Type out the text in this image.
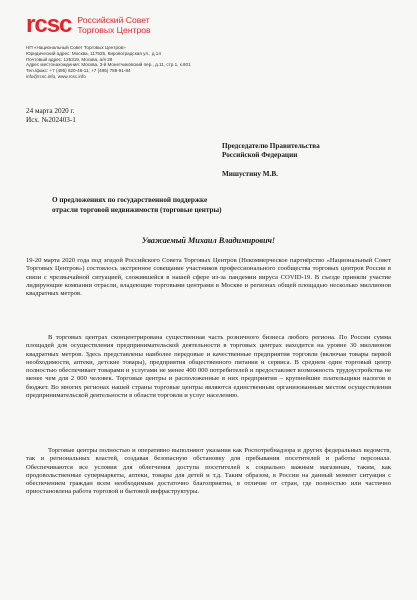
rcsc Российский Совет
Торговых Центров
НП «Национальный Совет Торговых Центров»
Юридический адрес: Москва, 117525, Кировоградская ул., д.14
Почтовый адрес: 125319, Москва, а/я 29
Адрес местонахождения: Москва, 3-й Монетчиковский пер., д.11, стр.1, к.601
Тел./факс: +7 (495) 620-46-11; +7 (495) 788-91-84
info@rcsc.info, www.rcsc.info
24 марта 2020 г.
Исх. №202403-1
Председателю Правительства
Российской Федерации
Мишустину М.В.
О предложениях по государственной поддержке
отрасли торговой недвижимости (торговые центры)
Уважаемый Михаил Владимирович!
19-20 марта 2020 года под эгидой Российского Совета Торговых Центров (Некоммерческое партнёрство «Национальный Совет Торговых Центров») состоялось экстренное совещание участников профессионального сообщества торговых центров России в связи с чрезвычайной ситуацией, сложившейся в нашей сфере из-за пандемии вируса COVID-19. В съезде приняли участие лидирующие компании отрасли, владеющие торговыми центрами в Москве и регионах общей площадью несколько миллионов квадратных метров.
В торговых центрах сконцентрирована существенная часть розничного бизнеса любого региона. По России сумма площадей для осуществления предпринимательской деятельности в торговых центрах находится на уровне 30 миллионов квадратных метров. Здесь представлены наиболее передовые и качественные предприятия торговли (включая товары первой необходимости, аптеки, детские товары), предприятия общественного питания и сервиса. В среднем один торговый центр полностью обеспечивает товарами и услугами не менее 400 000 потребителей и предоставляет возможность трудоустройства не менее чем для 2 000 человек. Торговые центры и расположенные в них предприятия – крупнейшие плательщики налогов в бюджет. Во многих регионах нашей страны торговые центры являются единственным организованным местом осуществления предпринимательской деятельности в области торговли и услуг населению.
Торговые центры полностью и оперативно выполняют указания как Роспотребнадзора и других федеральных ведомств, так и региональных властей, создавая безопасную обстановку для пребывания посетителей и работы персонала. Обеспечиваются все условия для облегчения доступа посетителей к социально важным магазинам, таким, как продовольственные супермаркеты, аптеки, товары для детей и т.д. Таким образом, в России на данный момент ситуация с обеспечением граждан всем необходимым достаточно благоприятна, в отличие от стран, где полностью или частично приостановлена работа торговой и бытовой инфраструктуры.
